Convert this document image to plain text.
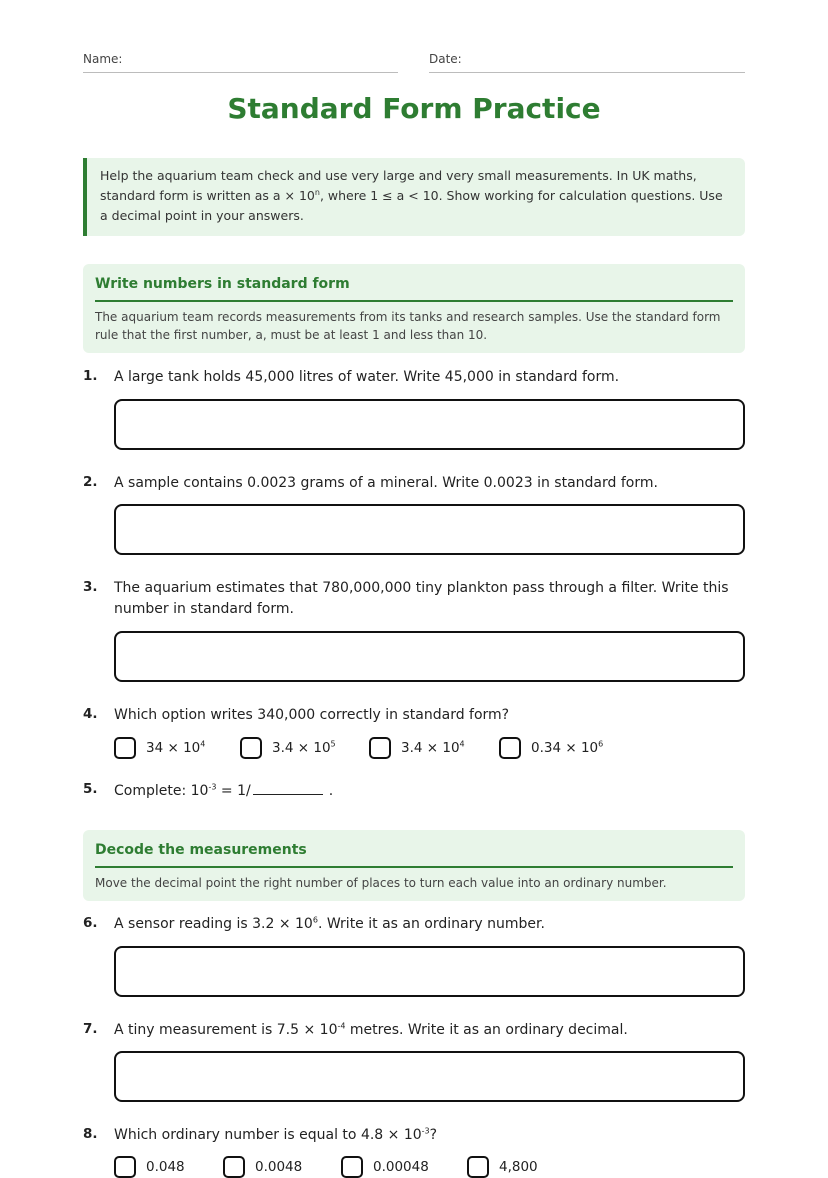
Name:	Date:
Standard Form Practice
Help the aquarium team check and use very large and very small measurements. In UK maths, standard form is written as $a \times 10^n$, where 1 ≤ a < 10. Show working for calculation questions. Use a decimal point in your answers.
Write numbers in standard form
The aquarium team records measurements from its tanks and research samples. Use the standard form rule that the first number, a, must be at least 1 and less than 10.
1. A large tank holds 45,000 litres of water. Write 45,000 in standard form.
2. A sample contains 0.0023 grams of a mineral. Write 0.0023 in standard form.
3. The aquarium estimates that 780,000,000 tiny plankton pass through a filter. Write this number in standard form.
4. Which option writes 340,000 correctly in standard form?
$34 \times 10^4$	$3.4 \times 10^5$	$3.4 \times 10^4$	$0.34 \times 10^6$
5. Complete: $10^{-3} = 1/$	.
Decode the measurements
Move the decimal point the right number of places to turn each value into an ordinary number.
6. A sensor reading is $3.2 \times 10^6$. Write it as an ordinary number.
7. A tiny measurement is $7.5 \times 10^{-4}$ metres. Write it as an ordinary decimal.
8. Which ordinary number is equal to $4.8 \times 10^{-3}$?
0.048	0.0048	0.00048	4,800
